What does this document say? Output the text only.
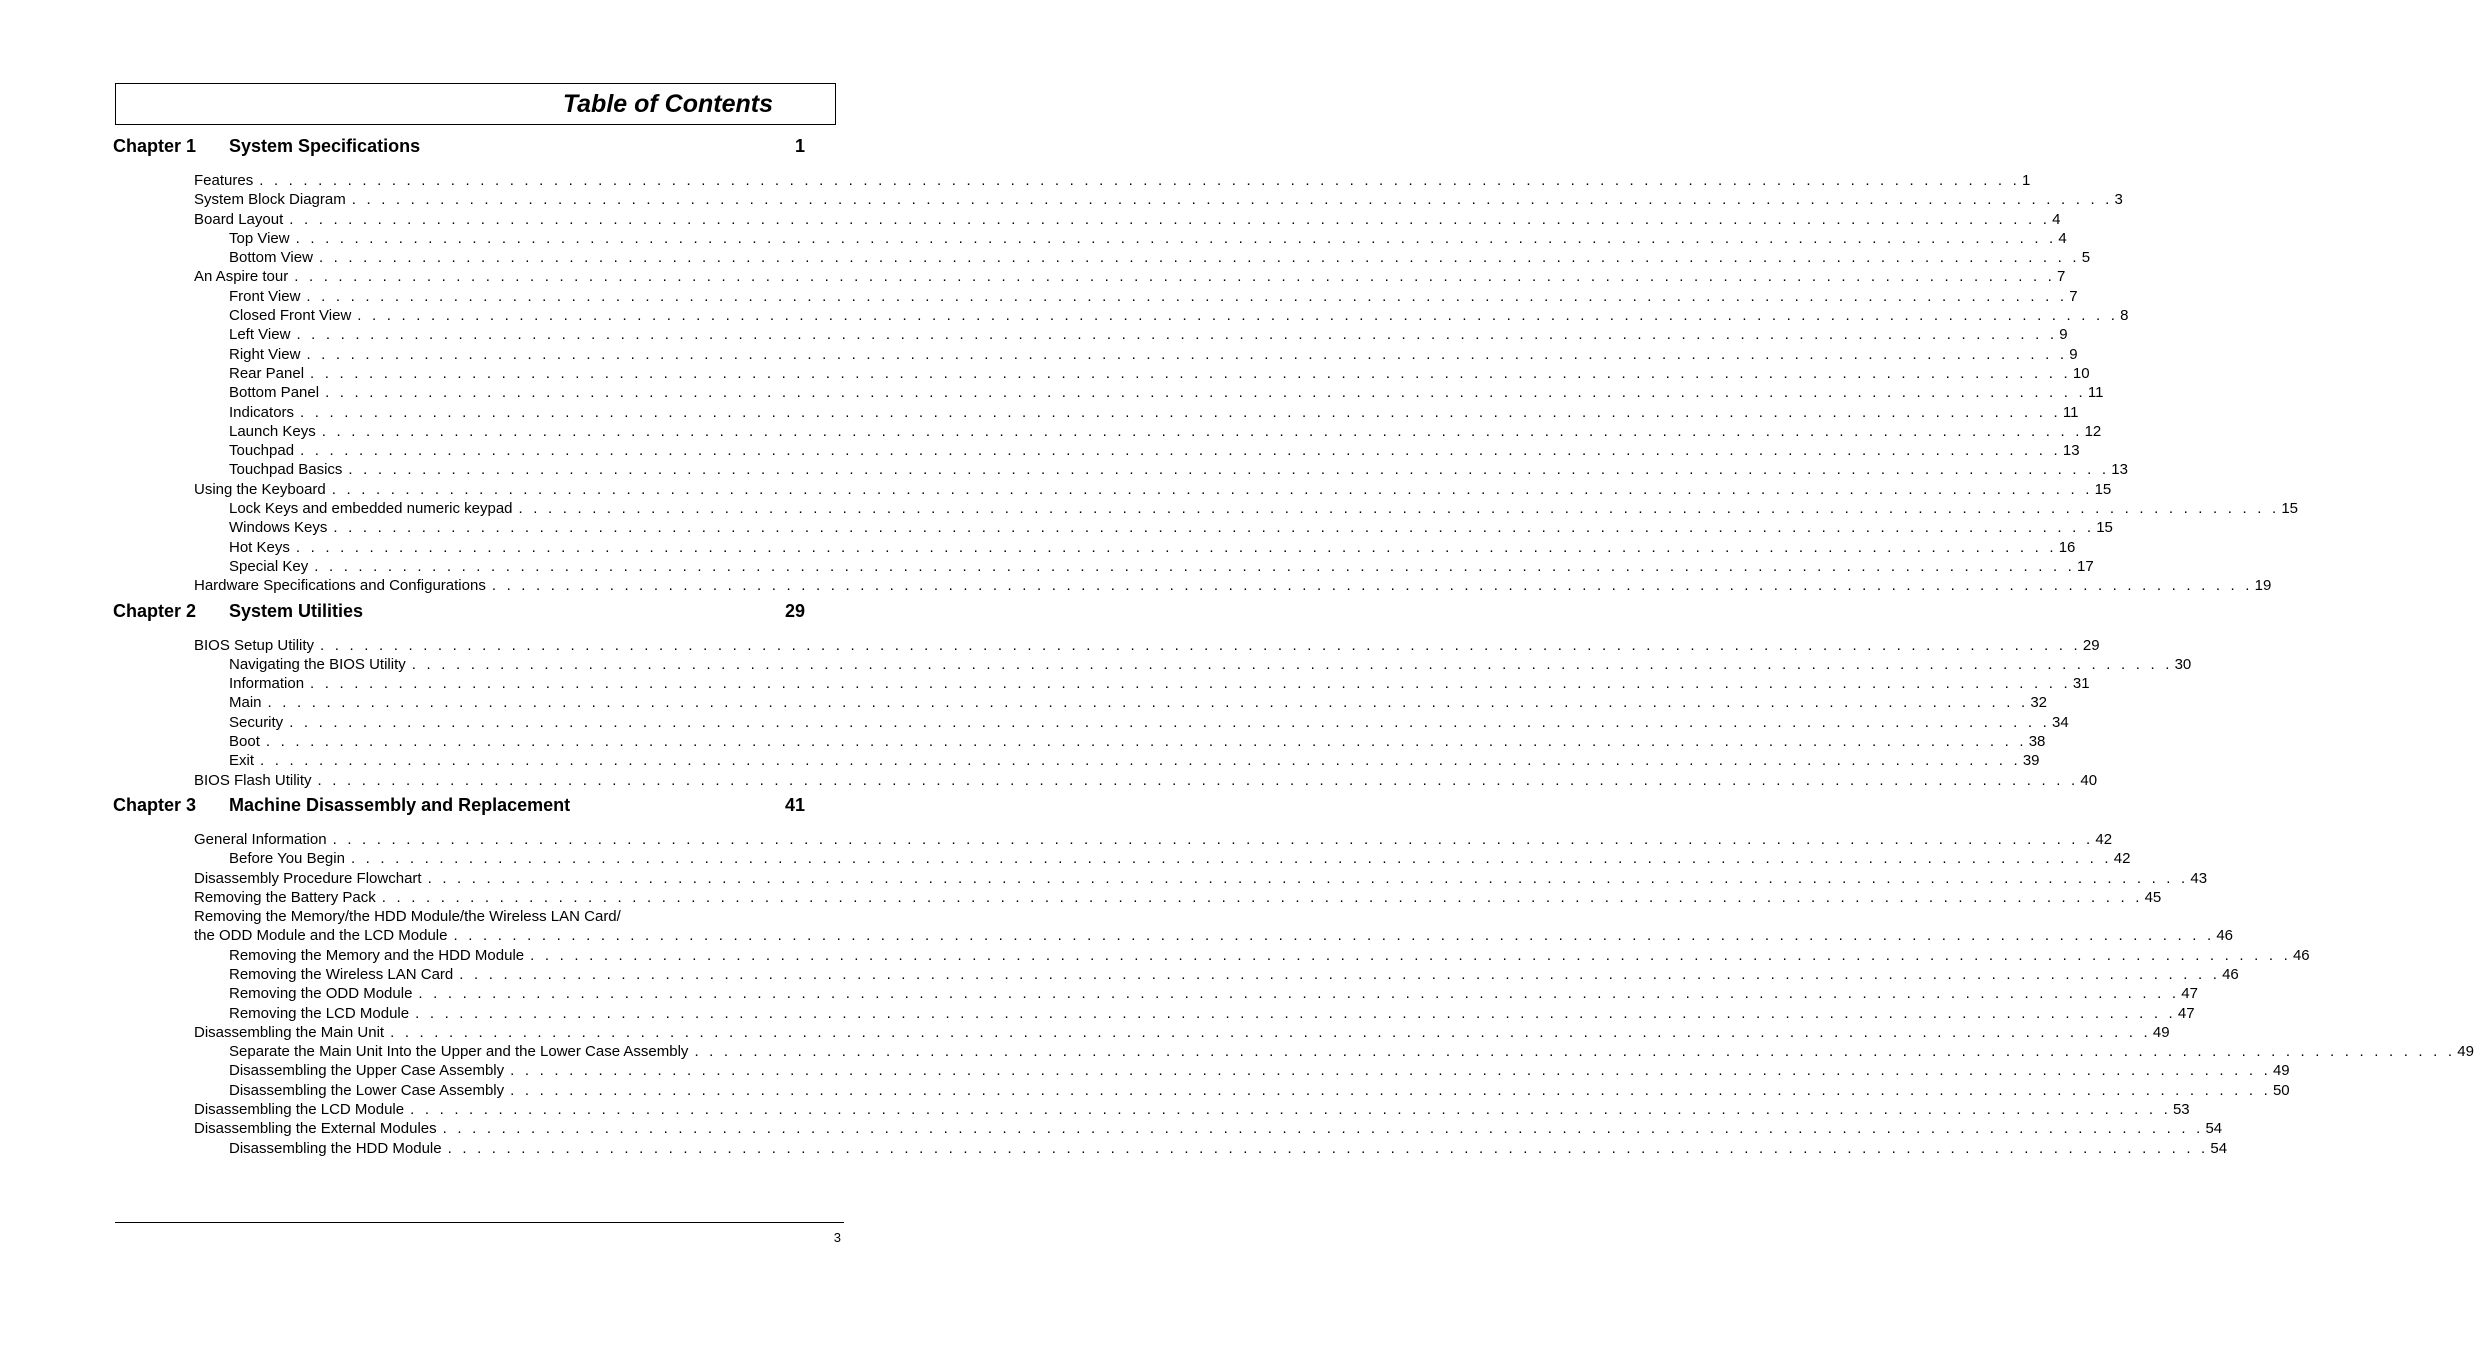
Table of Contents
Chapter 1	System Specifications	1
Features . . . . . . . . . . . . . . . . . . . . . . . . . . . . . . . . . . . . . . . . . . . . . . . . . . . . . . . . . . . . . . . . . . . . . . . . . . . . . . . . . . . . . . . . . . . . . . . . . . . . . . . . . . . . . . . . . . . . . . . . 1
System Block Diagram . . . . . . . . . . . . . . . . . . . . . . . . . . . . . . . . . . . . . . . . . . . . . . . . . . . . . . . . . . . . . . . . . . . . . . . . . . . . . . . . . . . . . . . . . . . . . . . . . . . . . . . . . . . . . . . . . . . . . . . . 3
Board Layout . . . . . . . . . . . . . . . . . . . . . . . . . . . . . . . . . . . . . . . . . . . . . . . . . . . . . . . . . . . . . . . . . . . . . . . . . . . . . . . . . . . . . . . . . . . . . . . . . . . . . . . . . . . . . . . . . . . . . . . . 4
Top View . . . . . . . . . . . . . . . . . . . . . . . . . . . . . . . . . . . . . . . . . . . . . . . . . . . . . . . . . . . . . . . . . . . . . . . . . . . . . . . . . . . . . . . . . . . . . . . . . . . . . . . . . . . . . . . . . . . . . . . . 4
Bottom View . . . . . . . . . . . . . . . . . . . . . . . . . . . . . . . . . . . . . . . . . . . . . . . . . . . . . . . . . . . . . . . . . . . . . . . . . . . . . . . . . . . . . . . . . . . . . . . . . . . . . . . . . . . . . . . . . . . . . . . . 5
An Aspire tour . . . . . . . . . . . . . . . . . . . . . . . . . . . . . . . . . . . . . . . . . . . . . . . . . . . . . . . . . . . . . . . . . . . . . . . . . . . . . . . . . . . . . . . . . . . . . . . . . . . . . . . . . . . . . . . . . . . . . . . . 7
Front View . . . . . . . . . . . . . . . . . . . . . . . . . . . . . . . . . . . . . . . . . . . . . . . . . . . . . . . . . . . . . . . . . . . . . . . . . . . . . . . . . . . . . . . . . . . . . . . . . . . . . . . . . . . . . . . . . . . . . . . . 7
Closed Front View . . . . . . . . . . . . . . . . . . . . . . . . . . . . . . . . . . . . . . . . . . . . . . . . . . . . . . . . . . . . . . . . . . . . . . . . . . . . . . . . . . . . . . . . . . . . . . . . . . . . . . . . . . . . . . . . . . . . . . . . 8
Left View . . . . . . . . . . . . . . . . . . . . . . . . . . . . . . . . . . . . . . . . . . . . . . . . . . . . . . . . . . . . . . . . . . . . . . . . . . . . . . . . . . . . . . . . . . . . . . . . . . . . . . . . . . . . . . . . . . . . . . . . 9
Right View . . . . . . . . . . . . . . . . . . . . . . . . . . . . . . . . . . . . . . . . . . . . . . . . . . . . . . . . . . . . . . . . . . . . . . . . . . . . . . . . . . . . . . . . . . . . . . . . . . . . . . . . . . . . . . . . . . . . . . . . 9
Rear Panel . . . . . . . . . . . . . . . . . . . . . . . . . . . . . . . . . . . . . . . . . . . . . . . . . . . . . . . . . . . . . . . . . . . . . . . . . . . . . . . . . . . . . . . . . . . . . . . . . . . . . . . . . . . . . . . . . . . . . . . . 10
Bottom Panel . . . . . . . . . . . . . . . . . . . . . . . . . . . . . . . . . . . . . . . . . . . . . . . . . . . . . . . . . . . . . . . . . . . . . . . . . . . . . . . . . . . . . . . . . . . . . . . . . . . . . . . . . . . . . . . . . . . . . . . . 11
Indicators . . . . . . . . . . . . . . . . . . . . . . . . . . . . . . . . . . . . . . . . . . . . . . . . . . . . . . . . . . . . . . . . . . . . . . . . . . . . . . . . . . . . . . . . . . . . . . . . . . . . . . . . . . . . . . . . . . . . . . . . 11
Launch Keys . . . . . . . . . . . . . . . . . . . . . . . . . . . . . . . . . . . . . . . . . . . . . . . . . . . . . . . . . . . . . . . . . . . . . . . . . . . . . . . . . . . . . . . . . . . . . . . . . . . . . . . . . . . . . . . . . . . . . . . . 12
Touchpad . . . . . . . . . . . . . . . . . . . . . . . . . . . . . . . . . . . . . . . . . . . . . . . . . . . . . . . . . . . . . . . . . . . . . . . . . . . . . . . . . . . . . . . . . . . . . . . . . . . . . . . . . . . . . . . . . . . . . . . . 13
Touchpad Basics . . . . . . . . . . . . . . . . . . . . . . . . . . . . . . . . . . . . . . . . . . . . . . . . . . . . . . . . . . . . . . . . . . . . . . . . . . . . . . . . . . . . . . . . . . . . . . . . . . . . . . . . . . . . . . . . . . . . . . . . 13
Using the Keyboard . . . . . . . . . . . . . . . . . . . . . . . . . . . . . . . . . . . . . . . . . . . . . . . . . . . . . . . . . . . . . . . . . . . . . . . . . . . . . . . . . . . . . . . . . . . . . . . . . . . . . . . . . . . . . . . . . . . . . . . . 15
Lock Keys and embedded numeric keypad . . . . . . . . . . . . . . . . . . . . . . . . . . . . . . . . . . . . . . . . . . . . . . . . . . . . . . . . . . . . . . . . . . . . . . . . . . . . . . . . . . . . . . . . . . . . . . . . . . . . . . . . . . . . . . . . . . . . . . . . 15
Windows Keys . . . . . . . . . . . . . . . . . . . . . . . . . . . . . . . . . . . . . . . . . . . . . . . . . . . . . . . . . . . . . . . . . . . . . . . . . . . . . . . . . . . . . . . . . . . . . . . . . . . . . . . . . . . . . . . . . . . . . . . . 15
Hot Keys . . . . . . . . . . . . . . . . . . . . . . . . . . . . . . . . . . . . . . . . . . . . . . . . . . . . . . . . . . . . . . . . . . . . . . . . . . . . . . . . . . . . . . . . . . . . . . . . . . . . . . . . . . . . . . . . . . . . . . . . 16
Special Key . . . . . . . . . . . . . . . . . . . . . . . . . . . . . . . . . . . . . . . . . . . . . . . . . . . . . . . . . . . . . . . . . . . . . . . . . . . . . . . . . . . . . . . . . . . . . . . . . . . . . . . . . . . . . . . . . . . . . . . . 17
Hardware Specifications and Configurations . . . . . . . . . . . . . . . . . . . . . . . . . . . . . . . . . . . . . . . . . . . . . . . . . . . . . . . . . . . . . . . . . . . . . . . . . . . . . . . . . . . . . . . . . . . . . . . . . . . . . . . . . . . . . . . . . . . . . . . . 19
Chapter 2	System Utilities	29
BIOS Setup Utility . . . . . . . . . . . . . . . . . . . . . . . . . . . . . . . . . . . . . . . . . . . . . . . . . . . . . . . . . . . . . . . . . . . . . . . . . . . . . . . . . . . . . . . . . . . . . . . . . . . . . . . . . . . . . . . . . . . . . . . . 29
Navigating the BIOS Utility . . . . . . . . . . . . . . . . . . . . . . . . . . . . . . . . . . . . . . . . . . . . . . . . . . . . . . . . . . . . . . . . . . . . . . . . . . . . . . . . . . . . . . . . . . . . . . . . . . . . . . . . . . . . . . . . . . . . . . . . 30
Information . . . . . . . . . . . . . . . . . . . . . . . . . . . . . . . . . . . . . . . . . . . . . . . . . . . . . . . . . . . . . . . . . . . . . . . . . . . . . . . . . . . . . . . . . . . . . . . . . . . . . . . . . . . . . . . . . . . . . . . . 31
Main . . . . . . . . . . . . . . . . . . . . . . . . . . . . . . . . . . . . . . . . . . . . . . . . . . . . . . . . . . . . . . . . . . . . . . . . . . . . . . . . . . . . . . . . . . . . . . . . . . . . . . . . . . . . . . . . . . . . . . . . 32
Security . . . . . . . . . . . . . . . . . . . . . . . . . . . . . . . . . . . . . . . . . . . . . . . . . . . . . . . . . . . . . . . . . . . . . . . . . . . . . . . . . . . . . . . . . . . . . . . . . . . . . . . . . . . . . . . . . . . . . . . . 34
Boot . . . . . . . . . . . . . . . . . . . . . . . . . . . . . . . . . . . . . . . . . . . . . . . . . . . . . . . . . . . . . . . . . . . . . . . . . . . . . . . . . . . . . . . . . . . . . . . . . . . . . . . . . . . . . . . . . . . . . . . . 38
Exit . . . . . . . . . . . . . . . . . . . . . . . . . . . . . . . . . . . . . . . . . . . . . . . . . . . . . . . . . . . . . . . . . . . . . . . . . . . . . . . . . . . . . . . . . . . . . . . . . . . . . . . . . . . . . . . . . . . . . . . . 39
BIOS Flash Utility . . . . . . . . . . . . . . . . . . . . . . . . . . . . . . . . . . . . . . . . . . . . . . . . . . . . . . . . . . . . . . . . . . . . . . . . . . . . . . . . . . . . . . . . . . . . . . . . . . . . . . . . . . . . . . . . . . . . . . . . 40
Chapter 3	Machine Disassembly and Replacement	41
General Information . . . . . . . . . . . . . . . . . . . . . . . . . . . . . . . . . . . . . . . . . . . . . . . . . . . . . . . . . . . . . . . . . . . . . . . . . . . . . . . . . . . . . . . . . . . . . . . . . . . . . . . . . . . . . . . . . . . . . . . . 42
Before You Begin . . . . . . . . . . . . . . . . . . . . . . . . . . . . . . . . . . . . . . . . . . . . . . . . . . . . . . . . . . . . . . . . . . . . . . . . . . . . . . . . . . . . . . . . . . . . . . . . . . . . . . . . . . . . . . . . . . . . . . . . 42
Disassembly Procedure Flowchart . . . . . . . . . . . . . . . . . . . . . . . . . . . . . . . . . . . . . . . . . . . . . . . . . . . . . . . . . . . . . . . . . . . . . . . . . . . . . . . . . . . . . . . . . . . . . . . . . . . . . . . . . . . . . . . . . . . . . . . . 43
Removing the Battery Pack . . . . . . . . . . . . . . . . . . . . . . . . . . . . . . . . . . . . . . . . . . . . . . . . . . . . . . . . . . . . . . . . . . . . . . . . . . . . . . . . . . . . . . . . . . . . . . . . . . . . . . . . . . . . . . . . . . . . . . . . 45
Removing the Memory/the HDD Module/the Wireless LAN Card/
the ODD Module and the LCD Module . . . . . . . . . . . . . . . . . . . . . . . . . . . . . . . . . . . . . . . . . . . . . . . . . . . . . . . . . . . . . . . . . . . . . . . . . . . . . . . . . . . . . . . . . . . . . . . . . . . . . . . . . . . . . . . . . . . . . . . . 46
Removing the Memory and the HDD Module . . . . . . . . . . . . . . . . . . . . . . . . . . . . . . . . . . . . . . . . . . . . . . . . . . . . . . . . . . . . . . . . . . . . . . . . . . . . . . . . . . . . . . . . . . . . . . . . . . . . . . . . . . . . . . . . . . . . . . . . 46
Removing the Wireless LAN Card . . . . . . . . . . . . . . . . . . . . . . . . . . . . . . . . . . . . . . . . . . . . . . . . . . . . . . . . . . . . . . . . . . . . . . . . . . . . . . . . . . . . . . . . . . . . . . . . . . . . . . . . . . . . . . . . . . . . . . . . 46
Removing the ODD Module . . . . . . . . . . . . . . . . . . . . . . . . . . . . . . . . . . . . . . . . . . . . . . . . . . . . . . . . . . . . . . . . . . . . . . . . . . . . . . . . . . . . . . . . . . . . . . . . . . . . . . . . . . . . . . . . . . . . . . . . 47
Removing the LCD Module . . . . . . . . . . . . . . . . . . . . . . . . . . . . . . . . . . . . . . . . . . . . . . . . . . . . . . . . . . . . . . . . . . . . . . . . . . . . . . . . . . . . . . . . . . . . . . . . . . . . . . . . . . . . . . . . . . . . . . . . 47
Disassembling the Main Unit . . . . . . . . . . . . . . . . . . . . . . . . . . . . . . . . . . . . . . . . . . . . . . . . . . . . . . . . . . . . . . . . . . . . . . . . . . . . . . . . . . . . . . . . . . . . . . . . . . . . . . . . . . . . . . . . . . . . . . . . 49
Separate the Main Unit Into the Upper and the Lower Case Assembly . . . . . . . . . . . . . . . . . . . . . . . . . . . . . . . . . . . . . . . . . . . . . . . . . . . . . . . . . . . . . . . . . . . . . . . . . . . . . . . . . . . . . . . . . . . . . . . . . . . . . . . . . . . . . . . . . . . . . . . . 49
Disassembling the Upper Case Assembly . . . . . . . . . . . . . . . . . . . . . . . . . . . . . . . . . . . . . . . . . . . . . . . . . . . . . . . . . . . . . . . . . . . . . . . . . . . . . . . . . . . . . . . . . . . . . . . . . . . . . . . . . . . . . . . . . . . . . . . . 49
Disassembling the Lower Case Assembly . . . . . . . . . . . . . . . . . . . . . . . . . . . . . . . . . . . . . . . . . . . . . . . . . . . . . . . . . . . . . . . . . . . . . . . . . . . . . . . . . . . . . . . . . . . . . . . . . . . . . . . . . . . . . . . . . . . . . . . . 50
Disassembling the LCD Module . . . . . . . . . . . . . . . . . . . . . . . . . . . . . . . . . . . . . . . . . . . . . . . . . . . . . . . . . . . . . . . . . . . . . . . . . . . . . . . . . . . . . . . . . . . . . . . . . . . . . . . . . . . . . . . . . . . . . . . . 53
Disassembling the External Modules . . . . . . . . . . . . . . . . . . . . . . . . . . . . . . . . . . . . . . . . . . . . . . . . . . . . . . . . . . . . . . . . . . . . . . . . . . . . . . . . . . . . . . . . . . . . . . . . . . . . . . . . . . . . . . . . . . . . . . . . 54
Disassembling the HDD Module . . . . . . . . . . . . . . . . . . . . . . . . . . . . . . . . . . . . . . . . . . . . . . . . . . . . . . . . . . . . . . . . . . . . . . . . . . . . . . . . . . . . . . . . . . . . . . . . . . . . . . . . . . . . . . . . . . . . . . . . 54
3
